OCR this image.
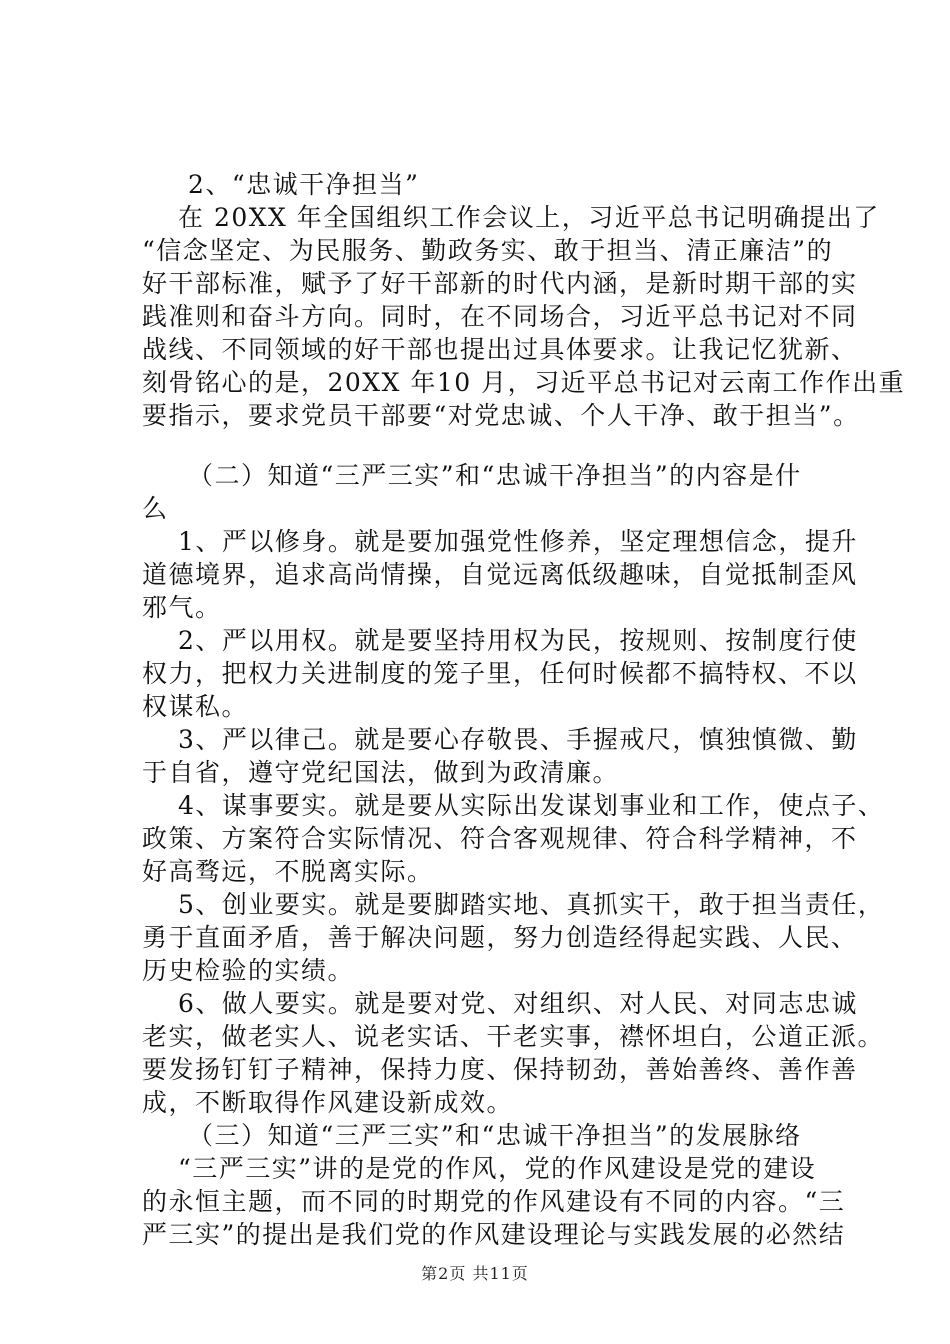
2、“忠诚干净担当”
在 20XX 年全国组织工作会议上，习近平总书记明确提出了
“信念坚定、为民服务、勤政务实、敢于担当、清正廉洁”的
好干部标准，赋予了好干部新的时代内涵，是新时期干部的实
践准则和奋斗方向。同时，在不同场合，习近平总书记对不同
战线、不同领域的好干部也提出过具体要求。让我记忆犹新、
刻骨铭心的是，20XX 年10 月，习近平总书记对云南工作作出重
要指示，要求党员干部要“对党忠诚、个人干净、敢于担当”。
（二）知道“三严三实”和“忠诚干净担当”的内容是什
么
1、严以修身。就是要加强党性修养，坚定理想信念，提升
道德境界，追求高尚情操，自觉远离低级趣味，自觉抵制歪风
邪气。
2、严以用权。就是要坚持用权为民，按规则、按制度行使
权力，把权力关进制度的笼子里，任何时候都不搞特权、不以
权谋私。
3、严以律己。就是要心存敬畏、手握戒尺，慎独慎微、勤
于自省，遵守党纪国法，做到为政清廉。
4、谋事要实。就是要从实际出发谋划事业和工作，使点子、
政策、方案符合实际情况、符合客观规律、符合科学精神，不
好高骛远，不脱离实际。
5、创业要实。就是要脚踏实地、真抓实干，敢于担当责任，
勇于直面矛盾，善于解决问题，努力创造经得起实践、人民、
历史检验的实绩。
6、做人要实。就是要对党、对组织、对人民、对同志忠诚
老实，做老实人、说老实话、干老实事，襟怀坦白，公道正派。
要发扬钉钉子精神，保持力度、保持韧劲，善始善终、善作善
成，不断取得作风建设新成效。
（三）知道“三严三实”和“忠诚干净担当”的发展脉络
“三严三实”讲的是党的作风，党的作风建设是党的建设
的永恒主题，而不同的时期党的作风建设有不同的内容。“三
严三实”的提出是我们党的作风建设理论与实践发展的必然结
第2页 共11页
